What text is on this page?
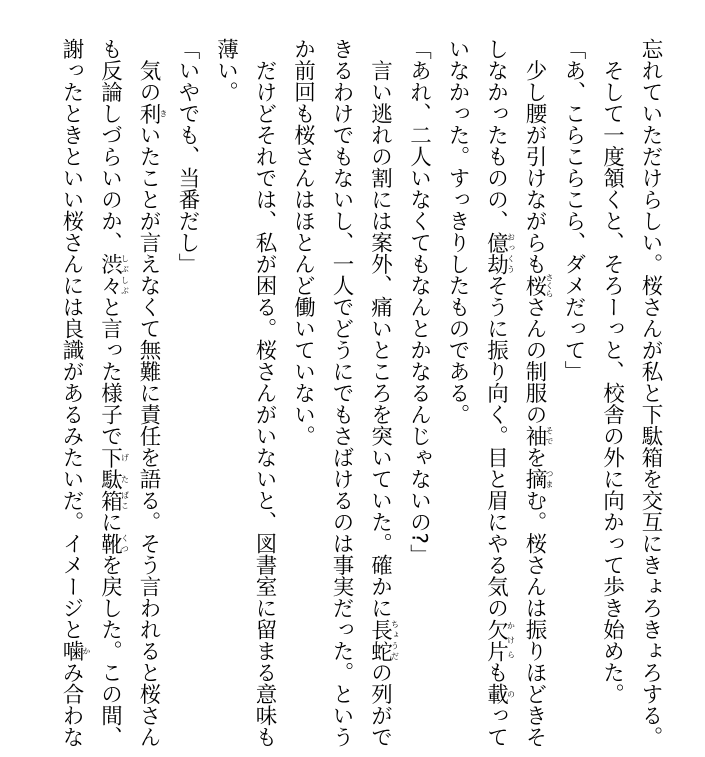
忘れていただけらしい。桜さんが私と下駄箱を交互にきょろきょろする。

　そして一度頷くと、そろーっと、校舎の外に向かって歩き始めた。

「あ、こらこらこら、ダメだって」

　少し腰が引けながらも桜さくらさんの制服の袖そでを摘つまむ。桜さんは振りほどきそしなかったものの、億劫おっくうそうに振り向く。目と眉にやる気の欠片かけらも載のっていなかった。すっきりしたものである。

「あれ、二人いなくてもなんとかなるんじゃないの?」

　言い逃れの割には案外、痛いところを突いていた。確かに長蛇ちょうだの列ができるわけでもないし、一人でどうにでもさばけるのは事実だった。というか前回も桜さんはほとんど働いていない。

　だけどそれでは、私が困る。桜さんがいないと、図書室に留まる意味も薄い。

「いやでも、当番だし」

　気の利きいたことが言えなくて無難に責任を語る。そう言われると桜さんも反論しづらいのか、渋々しぶしぶと言った様子で下駄げた箱ばこに靴くつを戻した。この間、謝ったときといい桜さんには良識があるみたいだ。イメージと噛かみ合わな
